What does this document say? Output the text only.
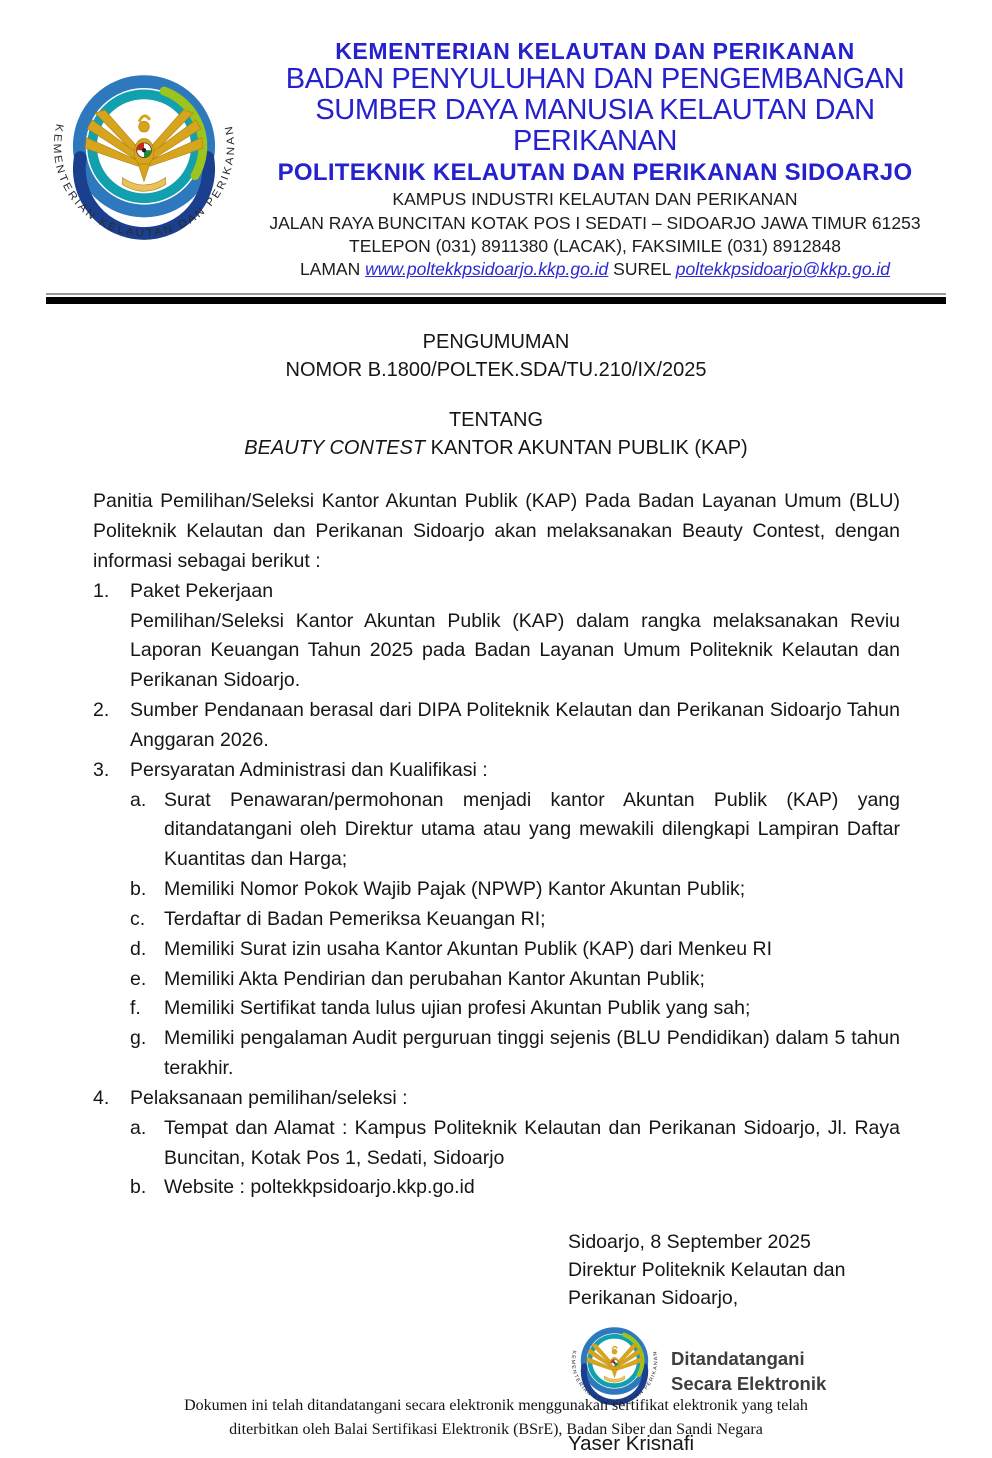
KEMENTERIAN KELAUTAN DAN PERIKANAN
BADAN PENYULUHAN DAN PENGEMBANGAN
SUMBER DAYA MANUSIA KELAUTAN DAN PERIKANAN
POLITEKNIK KELAUTAN DAN PERIKANAN SIDOARJO
KAMPUS INDUSTRI KELAUTAN DAN PERIKANAN
JALAN RAYA BUNCITAN KOTAK POS I SEDATI – SIDOARJO JAWA TIMUR 61253
TELEPON (031) 8911380 (LACAK), FAKSIMILE (031) 8912848
LAMAN www.poltekkpsidoarjo.kkp.go.id SUREL poltekkpsidoarjo@kkp.go.id
PENGUMUMAN
NOMOR B.1800/POLTEK.SDA/TU.210/IX/2025
TENTANG
BEAUTY CONTEST KANTOR AKUNTAN PUBLIK (KAP)

Panitia Pemilihan/Seleksi Kantor Akuntan Publik (KAP) Pada Badan Layanan Umum (BLU) Politeknik Kelautan dan Perikanan Sidoarjo akan melaksanakan Beauty Contest, dengan informasi sebagai berikut :

1.	Paket Pekerjaan

Pemilihan/Seleksi Kantor Akuntan Publik (KAP) dalam rangka melaksanakan Reviu Laporan Keuangan Tahun 2025 pada Badan Layanan Umum Politeknik Kelautan dan Perikanan Sidoarjo.

2.	Sumber Pendanaan berasal dari DIPA Politeknik Kelautan dan Perikanan Sidoarjo Tahun Anggaran 2026.

3.	Persyaratan Administrasi dan Kualifikasi :

a. Surat Penawaran/permohonan menjadi kantor Akuntan Publik (KAP) yang ditandatangani oleh Direktur utama atau yang mewakili dilengkapi Lampiran Daftar Kuantitas dan Harga;

b. Memiliki Nomor Pokok Wajib Pajak (NPWP) Kantor Akuntan Publik;

c. Terdaftar di Badan Pemeriksa Keuangan RI;

d. Memiliki Surat izin usaha Kantor Akuntan Publik (KAP) dari Menkeu RI

e. Memiliki Akta Pendirian dan perubahan Kantor Akuntan Publik;

f.	Memiliki Sertifikat tanda lulus ujian profesi Akuntan Publik yang sah;

g. Memiliki pengalaman Audit perguruan tinggi sejenis (BLU Pendidikan) dalam 5 tahun terakhir.

4.	Pelaksanaan pemilihan/seleksi :

a. Tempat dan Alamat : Kampus Politeknik Kelautan dan Perikanan Sidoarjo, Jl. Raya Buncitan, Kotak Pos 1, Sedati, Sidoarjo

b. Website : poltekkpsidoarjo.kkp.go.id

Sidoarjo, 8 September 2025
Direktur Politeknik Kelautan dan
Perikanan Sidoarjo,
Ditandatangani
Secara Elektronik
Yaser Krisnafi
Dokumen ini telah ditandatangani secara elektronik menggunakan sertifikat elektronik yang telah
diterbitkan oleh Balai Sertifikasi Elektronik (BSrE), Badan Siber dan Sandi Negara
